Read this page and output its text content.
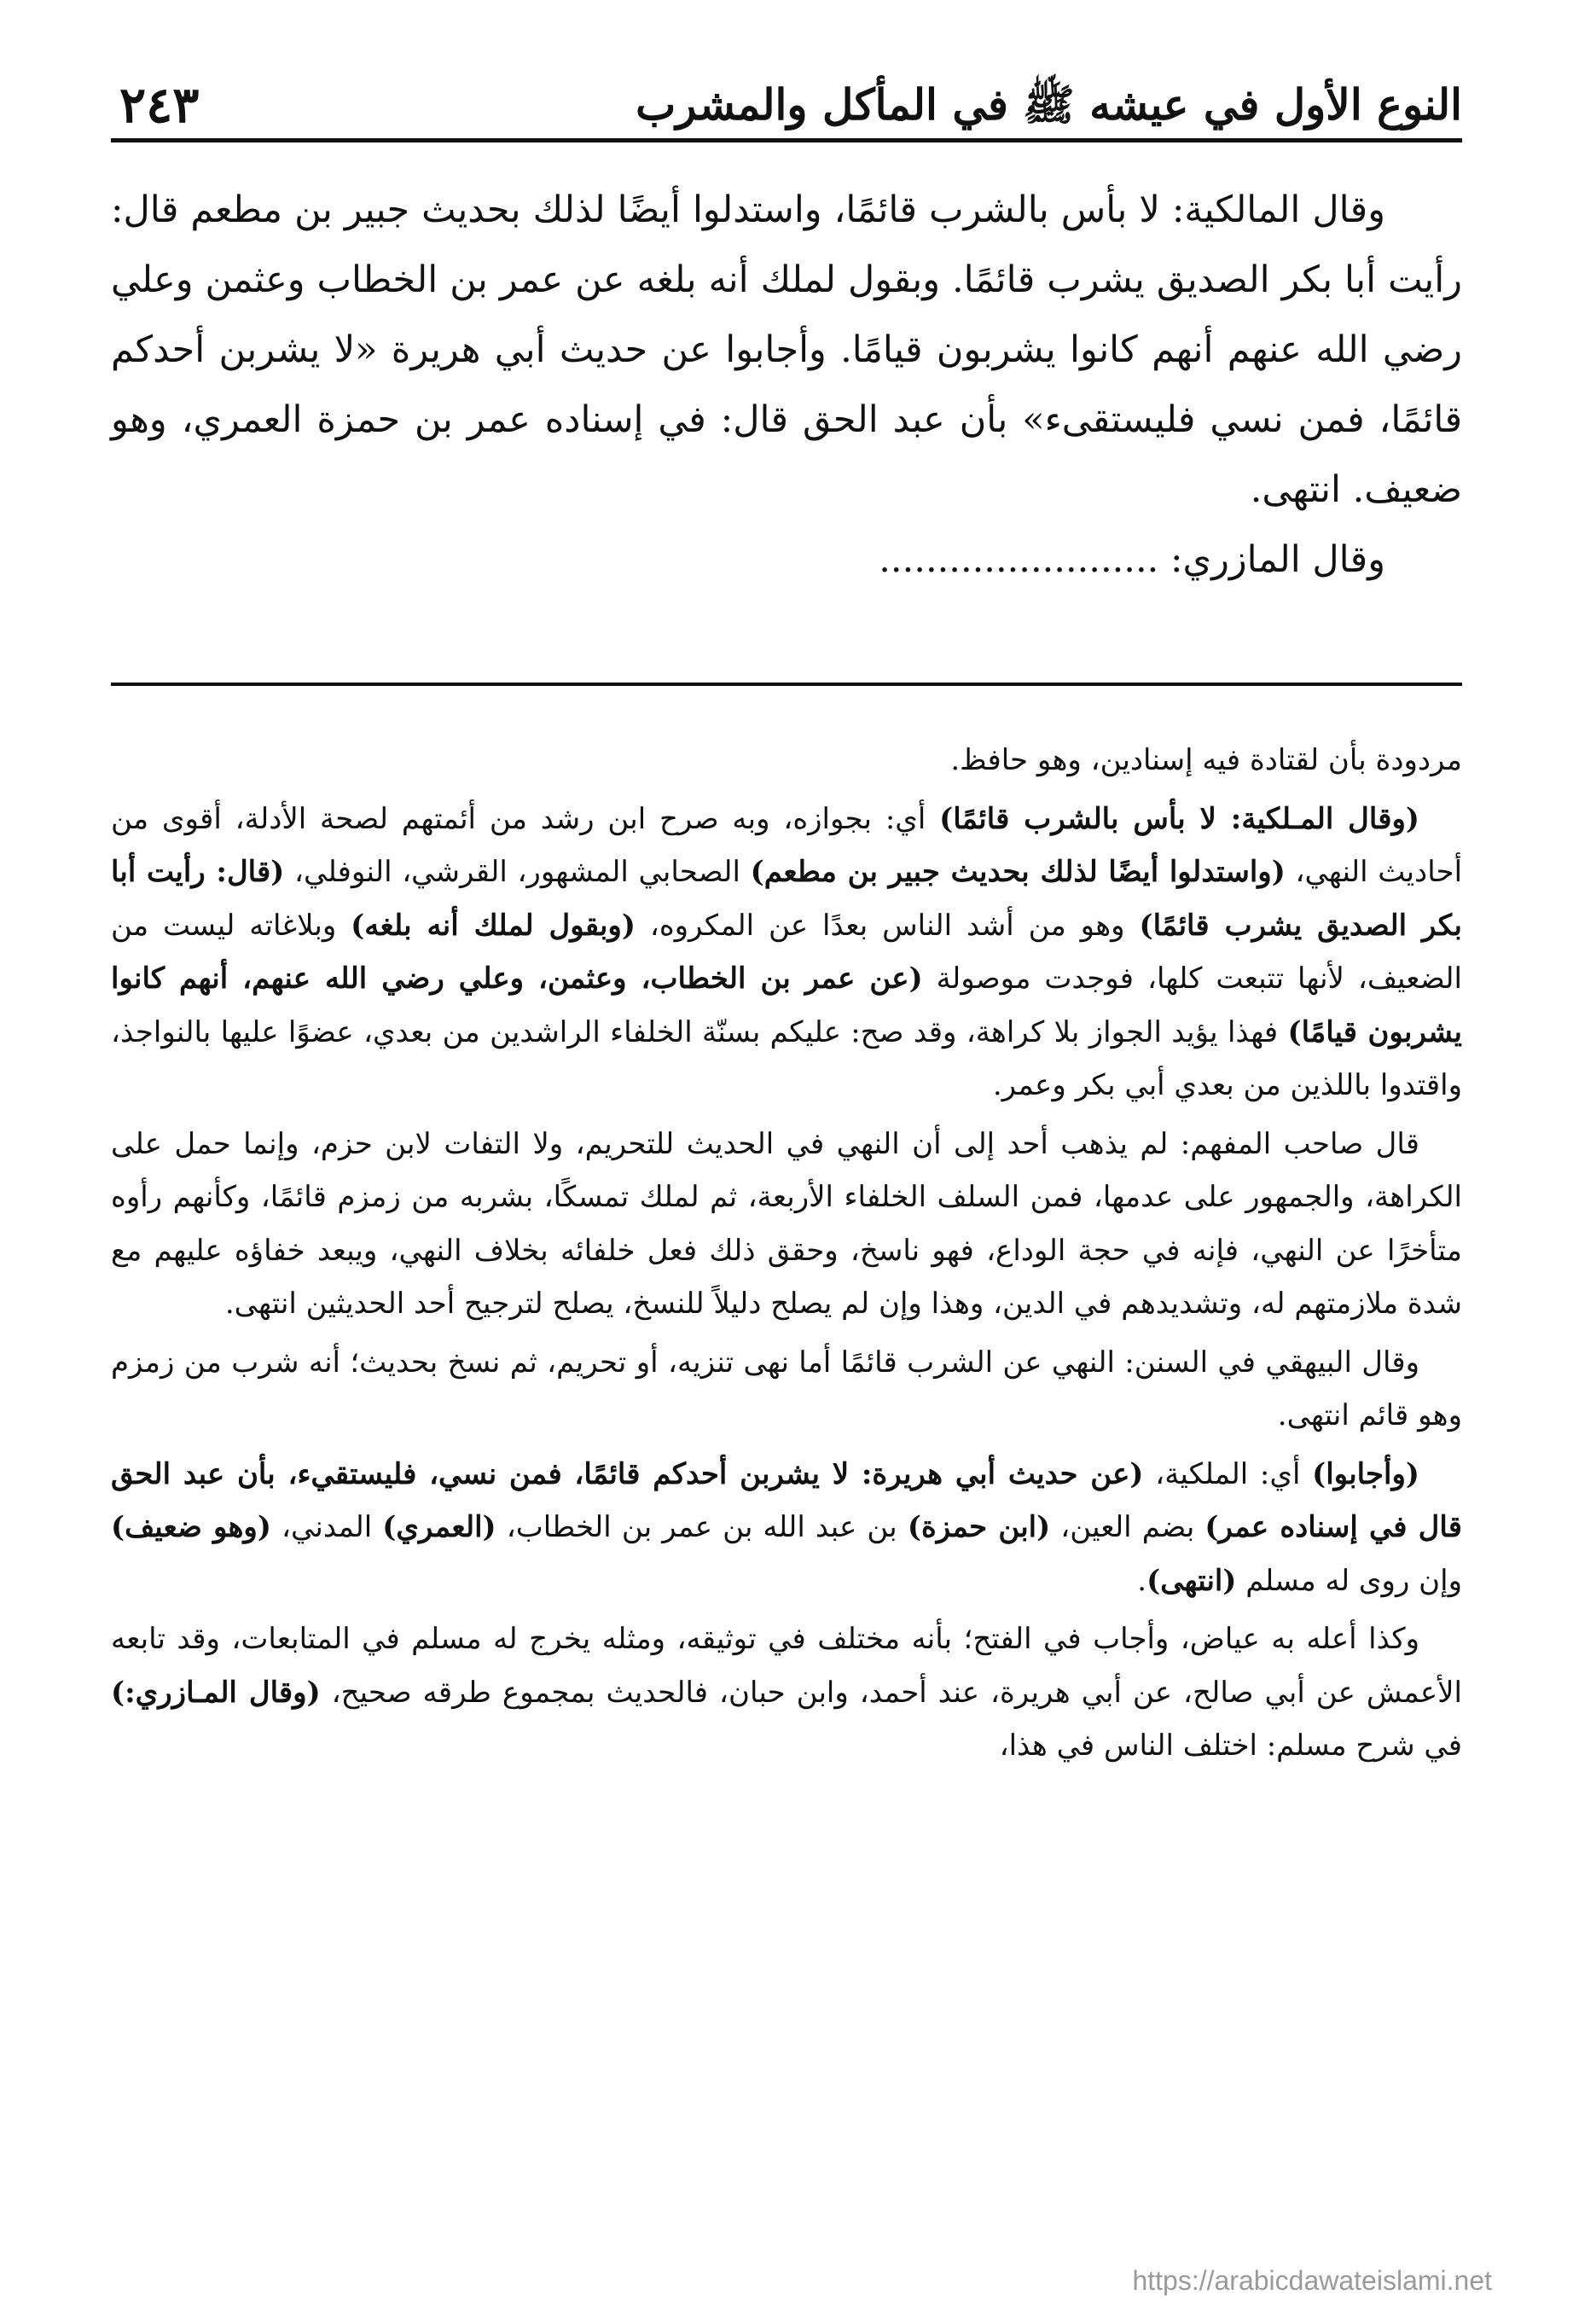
النوع الأول في عيشه ﷺ في المأكل والمشرب
٢٤٣

وقال المالكية: لا بأس بالشرب قائمًا، واستدلوا أيضًا لذلك بحديث جبير بن مطعم قال: رأيت أبا بكر الصديق يشرب قائمًا. وبقول لملك أنه بلغه عن عمر بن الخطاب وعثمن وعلي رضي الله عنهم أنهم كانوا يشربون قيامًا. وأجابوا عن حديث أبي هريرة «لا يشربن أحدكم قائمًا، فمن نسي فليستقىء» بأن عبد الحق قال: في إسناده عمر بن حمزة العمري، وهو ضعيف. انتهى.

وقال المازري: ........................

مردودة بأن لقتادة فيه إسنادين، وهو حافظ.

(وقال المـلكية: لا بأس بالشرب قائمًا) أي: بجوازه، وبه صرح ابن رشد من أئمتهم لصحة الأدلة، أقوى من أحاديث النهي، (واستدلوا أيضًا لذلك بحديث جبير بن مطعم) الصحابي المشهور، القرشي، النوفلي، (قال: رأيت أبا بكر الصديق يشرب قائمًا) وهو من أشد الناس بعدًا عن المكروه، (وبقول لملك أنه بلغه) وبلاغاته ليست من الضعيف، لأنها تتبعت كلها، فوجدت موصولة (عن عمر بن الخطاب، وعثمن، وعلي رضي الله عنهم، أنهم كانوا يشربون قيامًا) فهذا يؤيد الجواز بلا كراهة، وقد صح: عليكم بسنّة الخلفاء الراشدين من بعدي، عضوًا عليها بالنواجذ، واقتدوا باللذين من بعدي أبي بكر وعمر.

قال صاحب المفهم: لم يذهب أحد إلى أن النهي في الحديث للتحريم، ولا التفات لابن حزم، وإنما حمل على الكراهة، والجمهور على عدمها، فمن السلف الخلفاء الأربعة، ثم لملك تمسكًا، بشربه من زمزم قائمًا، وكأنهم رأوه متأخرًا عن النهي، فإنه في حجة الوداع، فهو ناسخ، وحقق ذلك فعل خلفائه بخلاف النهي، ويبعد خفاؤه عليهم مع شدة ملازمتهم له، وتشديدهم في الدين، وهذا وإن لم يصلح دليلاً للنسخ، يصلح لترجيح أحد الحديثين انتهى.

وقال البيهقي في السنن: النهي عن الشرب قائمًا أما نهى تنزيه، أو تحريم، ثم نسخ بحديث؛ أنه شرب من زمزم وهو قائم انتهى.

(وأجابوا) أي: الملكية، (عن حديث أبي هريرة: لا يشربن أحدكم قائمًا، فمن نسي، فليستقيء، بأن عبد الحق قال في إسناده عمر) بضم العين، (ابن حمزة) بن عبد الله بن عمر بن الخطاب، (العمري) المدني، (وهو ضعيف) وإن روى له مسلم (انتهى).

وكذا أعله به عياض، وأجاب في الفتح؛ بأنه مختلف في توثيقه، ومثله يخرج له مسلم في المتابعات، وقد تابعه الأعمش عن أبي صالح، عن أبي هريرة، عند أحمد، وابن حبان، فالحديث بمجموع طرقه صحيح، (وقال المـازري:) في شرح مسلم: اختلف الناس في هذا،

https://arabicdawateislami.net
